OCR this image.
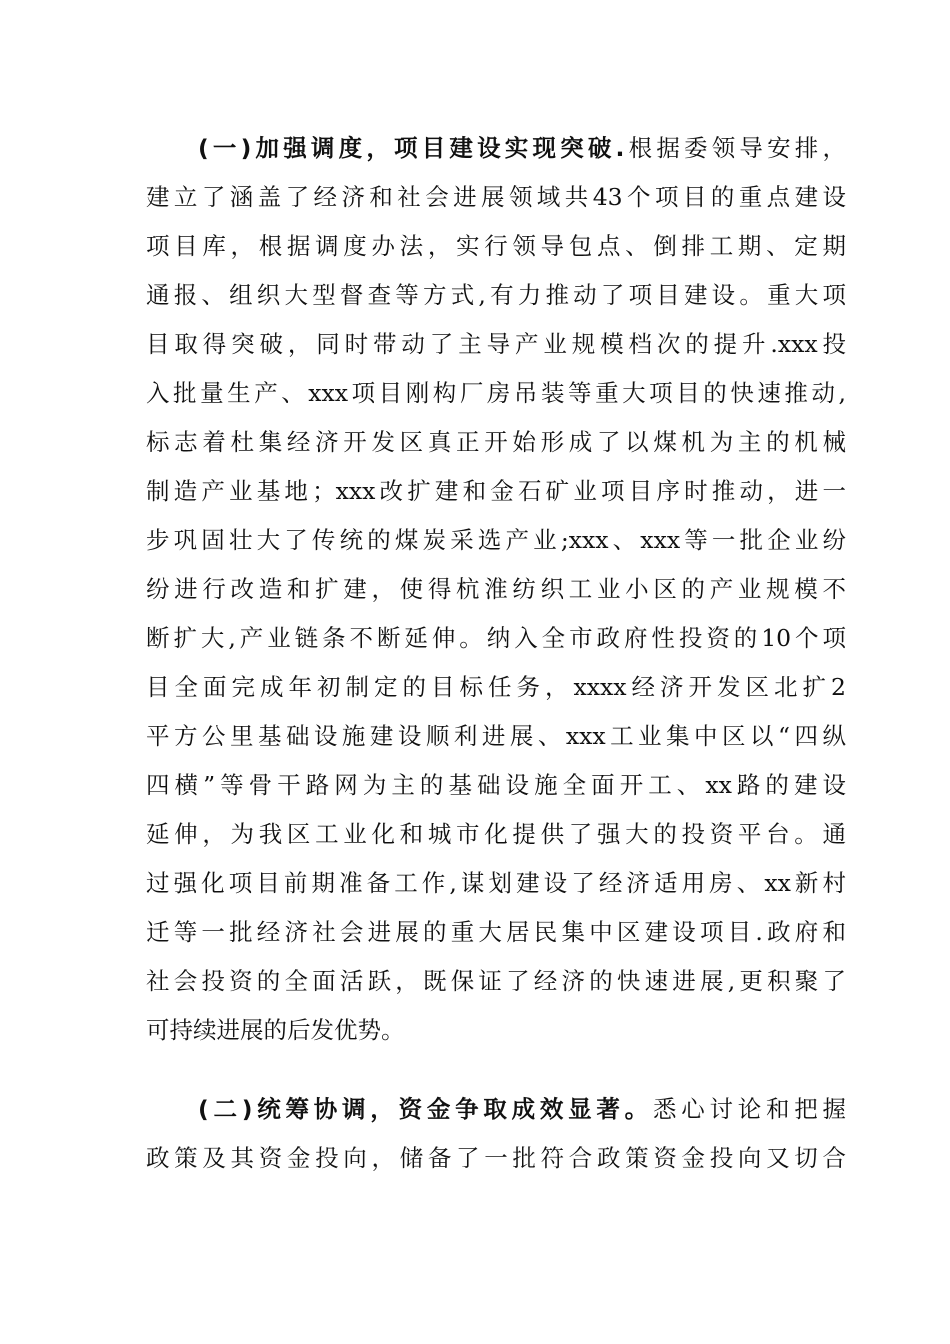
(一)加强调度，项目建设实现突破.根据委领导安排，
建立了涵盖了经济和社会进展领域共43个项目的重点建设
项目库，根据调度办法，实行领导包点、倒排工期、定期
通报、组织大型督查等方式,有力推动了项目建设。重大项
目取得突破，同时带动了主导产业规模档次的提升.xxx投
入批量生产、xxx项目刚构厂房吊装等重大项目的快速推动,
标志着杜集经济开发区真正开始形成了以煤机为主的机械
制造产业基地；xxx改扩建和金石矿业项目序时推动，进一
步巩固壮大了传统的煤炭采选产业;xxx、xxx等一批企业纷
纷进行改造和扩建，使得杭淮纺织工业小区的产业规模不
断扩大,产业链条不断延伸。纳入全市政府性投资的10个项
目全面完成年初制定的目标任务，xxxx经济开发区北扩2
平方公里基础设施建设顺利进展、xxx工业集中区以“四纵
四横”等骨干路网为主的基础设施全面开工、xx路的建设
延伸，为我区工业化和城市化提供了强大的投资平台。通
过强化项目前期准备工作,谋划建设了经济适用房、xx新村
迁等一批经济社会进展的重大居民集中区建设项目.政府和
社会投资的全面活跃，既保证了经济的快速进展,更积聚了
可持续进展的后发优势。
(二)统筹协调，资金争取成效显著。悉心讨论和把握
政策及其资金投向，储备了一批符合政策资金投向又切合
